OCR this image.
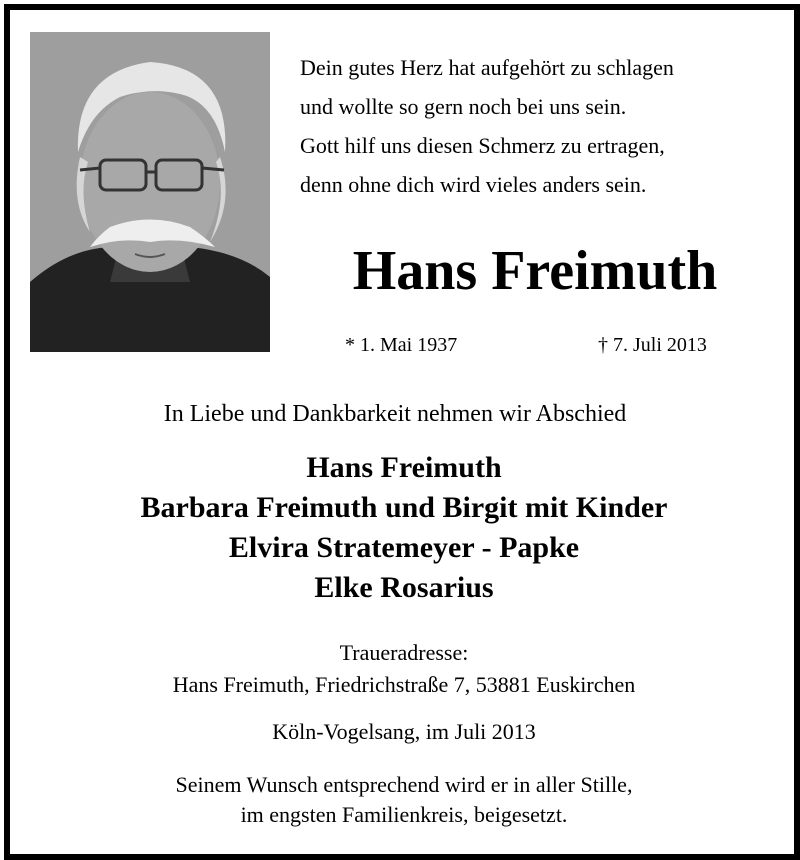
Dein gutes Herz hat aufgehört zu schlagen
und wollte so gern noch bei uns sein.
Gott hilf uns diesen Schmerz zu ertragen,
denn ohne dich wird vieles anders sein.
Hans Freimuth
* 1. Mai 1937	† 7. Juli 2013
In Liebe und Dankbarkeit nehmen wir Abschied
Hans Freimuth
Barbara Freimuth und Birgit mit Kinder
Elvira Stratemeyer - Papke
Elke Rosarius
Traueradresse:
Hans Freimuth, Friedrichstraße 7, 53881 Euskirchen
Köln-Vogelsang, im Juli 2013
Seinem Wunsch entsprechend wird er in aller Stille,
im engsten Familienkreis, beigesetzt.
